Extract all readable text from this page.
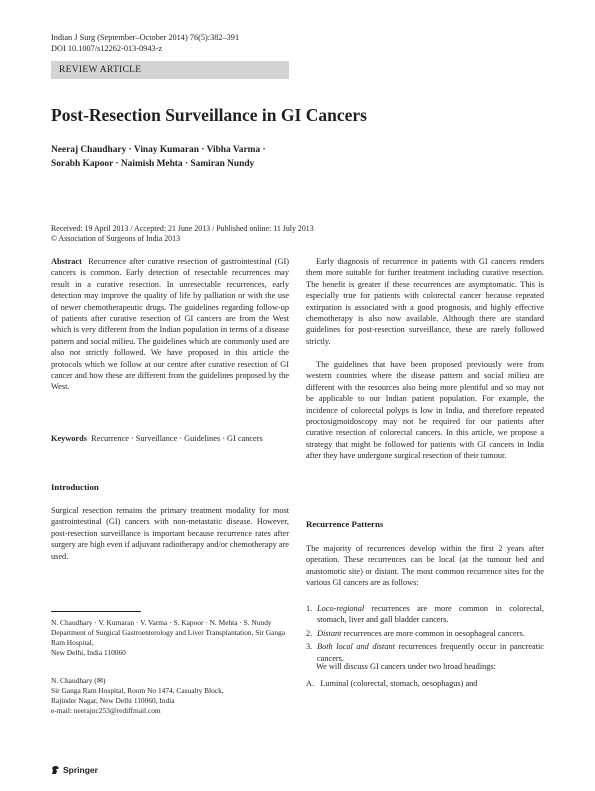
Indian J Surg (September–October 2014) 76(5):382–391
DOI 10.1007/s12262-013-0943-z
REVIEW ARTICLE
Post-Resection Surveillance in GI Cancers
Neeraj Chaudhary · Vinay Kumaran · Vibha Varma ·
Sorabh Kapoor · Naimish Mehta · Samiran Nundy
Received: 19 April 2013 / Accepted: 21 June 2013 / Published online: 11 July 2013
© Association of Surgeons of India 2013
Abstract Recurrence after curative resection of gastrointestinal (GI) cancers is common. Early detection of resectable recurrences may result in a curative resection. In unresectable recurrences, early detection may improve the quality of life by palliation or with the use of newer chemotherapeutic drugs. The guidelines regarding follow-up of patients after curative resection of GI cancers are from the West which is very different from the Indian population in terms of a disease pattern and social milieu. The guidelines which are commonly used are also not strictly followed. We have proposed in this article the protocols which we follow at our centre after curative resection of GI cancer and how these are different from the guidelines proposed by the West.
Keywords Recurrence · Surveillance · Guidelines · GI cancers
Introduction
Surgical resection remains the primary treatment modality for most gastrointestinal (GI) cancers with non-metastatic disease. However, post-resection surveillance is important because recurrence rates after surgery are high even if adjuvant radiotherapy and/or chemotherapy are used.
N. Chaudhary · V. Kumaran · V. Varma · S. Kapoor · N. Mehta · S. Nundy
Department of Surgical Gastroenterology and Liver Transplantation, Sir Ganga Ram Hospital,
New Delhi, India 110060
N. Chaudhary (✉)
Sir Ganga Ram Hospital, Room No 1474, Casualty Block,
Rajinder Nagar, New Delhi 110060, India
e-mail: neerajnc253@rediffmail.com
Early diagnosis of recurrence in patients with GI cancers renders them more suitable for further treatment including curative resection. The benefit is greater if these recurrences are asymptomatic. This is especially true for patients with colorectal cancer because repeated extirpation is associated with a good prognosis, and highly effective chemotherapy is also now available. Although there are standard guidelines for post-resection surveillance, these are rarely followed strictly.
The guidelines that have been proposed previously were from western countries where the disease pattern and social milieu are different with the resources also being more plentiful and so may not be applicable to our Indian patient population. For example, the incidence of colorectal polyps is low in India, and therefore repeated proctosigmoidoscopy may not be required for our patients after curative resection of colorectal cancers. In this article, we propose a strategy that might be followed for patients with GI cancers in India after they have undergone surgical resection of their tumour.
Recurrence Patterns
The majority of recurrences develop within the first 2 years after operation. These recurrences can be local (at the tumour bed and anastomotic site) or distant. The most common recurrence sites for the various GI cancers are as follows:
1. Loco-regional recurrences are more common in colorectal, stomach, liver and gall bladder cancers.
2. Distant recurrences are more common in oesophageal cancers.
3. Both local and distant recurrences frequently occur in pancreatic cancers.
We will discuss GI cancers under two broad headings:
A. Luminal (colorectal, stomach, oesophagus) and
Springer
